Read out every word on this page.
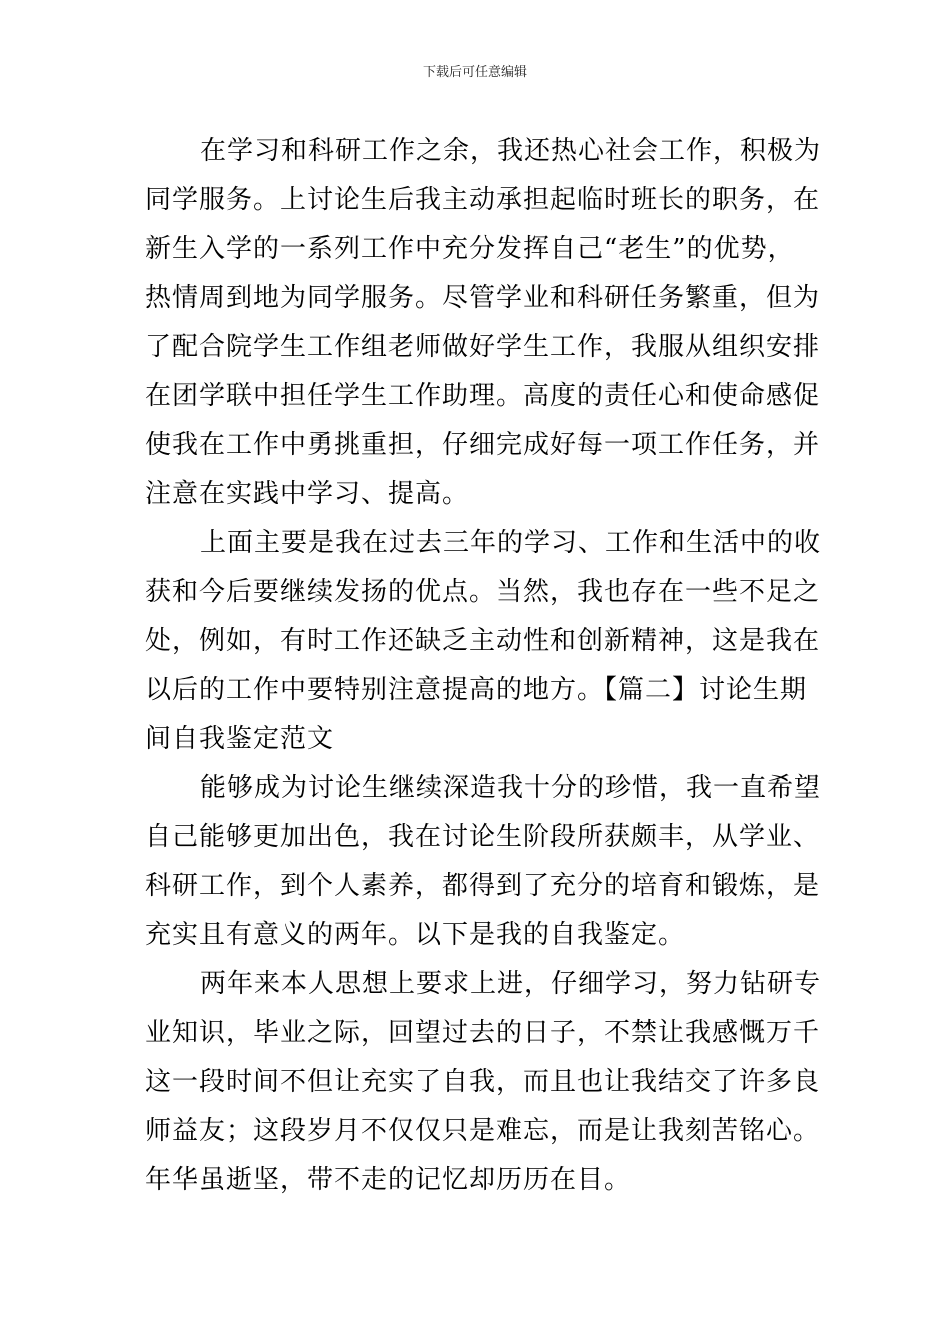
下载后可任意编辑
在学习和科研工作之余，我还热心社会工作，积极为
同学服务。上讨论生后我主动承担起临时班长的职务，在
新生入学的一系列工作中充分发挥自己“老生”的优势，
热情周到地为同学服务。尽管学业和科研任务繁重，但为
了配合院学生工作组老师做好学生工作，我服从组织安排
在团学联中担任学生工作助理。高度的责任心和使命感促
使我在工作中勇挑重担，仔细完成好每一项工作任务，并
注意在实践中学习、提高。
上面主要是我在过去三年的学习、工作和生活中的收
获和今后要继续发扬的优点。当然，我也存在一些不足之
处，例如，有时工作还缺乏主动性和创新精神，这是我在
以后的工作中要特别注意提高的地方。【篇二】讨论生期
间自我鉴定范文
能够成为讨论生继续深造我十分的珍惜，我一直希望
自己能够更加出色，我在讨论生阶段所获颇丰，从学业、
科研工作，到个人素养，都得到了充分的培育和锻炼，是
充实且有意义的两年。以下是我的自我鉴定。
两年来本人思想上要求上进，仔细学习，努力钻研专
业知识，毕业之际，回望过去的日子，不禁让我感慨万千
这一段时间不但让充实了自我，而且也让我结交了许多良
师益友；这段岁月不仅仅只是难忘，而是让我刻苦铭心。
年华虽逝坚，带不走的记忆却历历在目。
